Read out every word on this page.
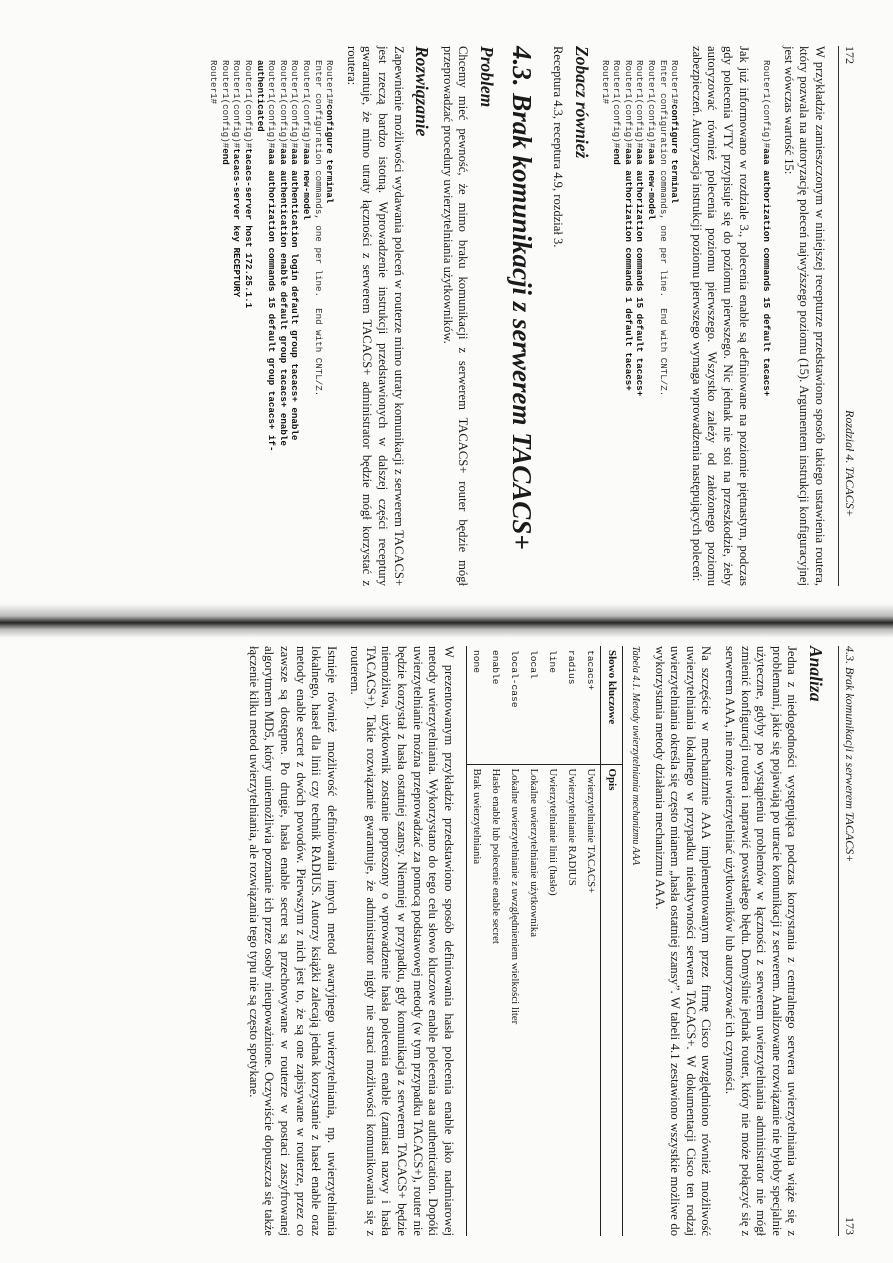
172
Rozdział 4. TACACS+

W przykładzie zamieszczonym w niniejszej recepturze przedstawiono sposób takiego ustawienia routera, który pozwala na autoryzację poleceń najwyższego poziomu (15). Argumentem instrukcji konfiguracyjnej jest wówczas wartość 15:

Router1(config)#aaa authorization commands 15 default tacacs+

Jak już informowano w rozdziale 3., polecenia enable są definiowane na poziomie piętnastym, podczas gdy polecenia VTY przypisuje się do poziomu pierwszego. Nic jednak nie stoi na przeszkodzie, żeby autoryzować również polecenia poziomu pierwszego. Wszystko zależy od założonego poziomu zabezpieczeń. Autoryzacja instrukcji poziomu pierwszego wymaga wprowadzenia następujących poleceń:

Router1#configure terminal
Enter configuration commands, one per line.  End with CNTL/Z.
Router1(config)#aaa new-model
Router1(config)#aaa authorization commands 15 default tacacs+
Router1(config)#aaa authorization commands 1 default tacacs+
Router1(config)#end
Router1#
Zobacz również

Receptura 4.3, receptura 4.9, rozdział 3.

4.3. Brak komunikacji z serwerem TACACS+
Problem

Chcemy mieć pewność, że mimo braku komunikacji z serwerem TACACS+ router będzie mógł przeprowadzać procedury uwierzytelniania użytkowników.

Rozwiązanie

Zapewnienie możliwości wydawania poleceń w routerze mimo utraty komunikacji z serwerem TACACS+ jest rzeczą bardzo istotną. Wprowadzenie instrukcji przedstawionych w dalszej części receptury gwarantuje, że mimo utraty łączności z serwerem TACACS+ administrator będzie mógł korzystać z routera:

Router1#configure terminal
Enter configuration commands, one per line.  End with CNTL/Z.
Router1(config)#aaa new-model
Router1(config)#aaa authentication login default group tacacs+ enable
Router1(config)#aaa authentication enable default group tacacs+ enable
Router1(config)#aaa authorization commands 15 default group tacacs+ if-
authenticated
Router1(config)#tacacs-server host 172.25.1.1
Router1(config)#tacacs-server key RECEPTURY
Router1(config)#end
Router1#
4.3. Brak komunikacji z serwerem TACACS+
173
Analiza

Jedna z niedogodności występująca podczas korzystania z centralnego serwera uwierzytelniania wiąże się z problemami, jakie się pojawiają po utracie komunikacji z serwerem. Analizowane rozwiązanie nie byłoby specjalnie użyteczne, gdyby po wystąpieniu problemów w łączności z serwerem uwierzytelniania administrator nie mógł zmienić konfiguracji routera i naprawić powstałego błędu. Domyślnie jednak router, który nie może połączyć się z serwerem AAA, nie może uwierzytelniać użytkowników lub autoryzować ich czynności.

Na szczęście w mechanizmie AAA implementowanym przez firmę Cisco uwzględniono również możliwość uwierzytelniania lokalnego w przypadku nieaktywności serwera TACACS+. W dokumentacji Cisco ten rodzaj uwierzytelniania określa się często mianem „hasła ostatniej szansy”. W tabeli 4.1 zestawiono wszystkie możliwe do wykorzystania metody działania mechanizmu AAA.

Tabela 4.1. Metody uwierzytelniania mechanizmu AAA
Słowo kluczowe	Opis
tacacs+	Uwierzytelnianie TACACS+
radius	Uwierzytelnianie RADIUS
line	Uwierzytelnianie linii (hasło)
local	Lokalne uwierzytelnianie użytkownika
local-case	Lokalne uwierzytelnianie z uwzględnieniem wielkości liter
enable	Hasło enable lub polecenie enable secret
none	Brak uwierzytelniania

W prezentowanym przykładzie przedstawiono sposób definiowania hasła polecenia enable jako nadmiarowej metody uwierzytelniania. Wykorzystano do tego celu słowo kluczowe enable polecenia aaa authentication. Dopóki uwierzytelnianie można przeprowadzać za pomocą podstawowej metody (w tym przypadku TACACS+), router nie będzie korzystał z hasła ostatniej szansy. Niemniej w przypadku, gdy komunikacja z serwerem TACACS+ będzie niemożliwa, użytkownik zostanie poproszony o wprowadzenie hasła polecenia enable (zamiast nazwy i hasła TACACS+). Takie rozwiązanie gwarantuje, że administrator nigdy nie straci możliwości komunikowania się z routerem.

Istnieje również możliwość definiowania innych metod awaryjnego uwierzytelniania, np. uwierzytelniania lokalnego, haseł dla linii czy technik RADIUS. Autorzy książki zalecają jednak korzystanie z haseł enable oraz metody enable secret z dwóch powodów. Pierwszym z nich jest to, że są one zapisywane w routerze, przez co zawsze są dostępne. Po drugie, hasła enable secret są przechowywane w routerze w postaci zaszyfrowanej algorytmem MD5, który uniemożliwia poznanie ich przez osoby nieupoważnione. Oczywiście dopuszcza się także łączenie kilku metod uwierzytelniania, ale rozwiązania tego typu nie są często spotykane.
